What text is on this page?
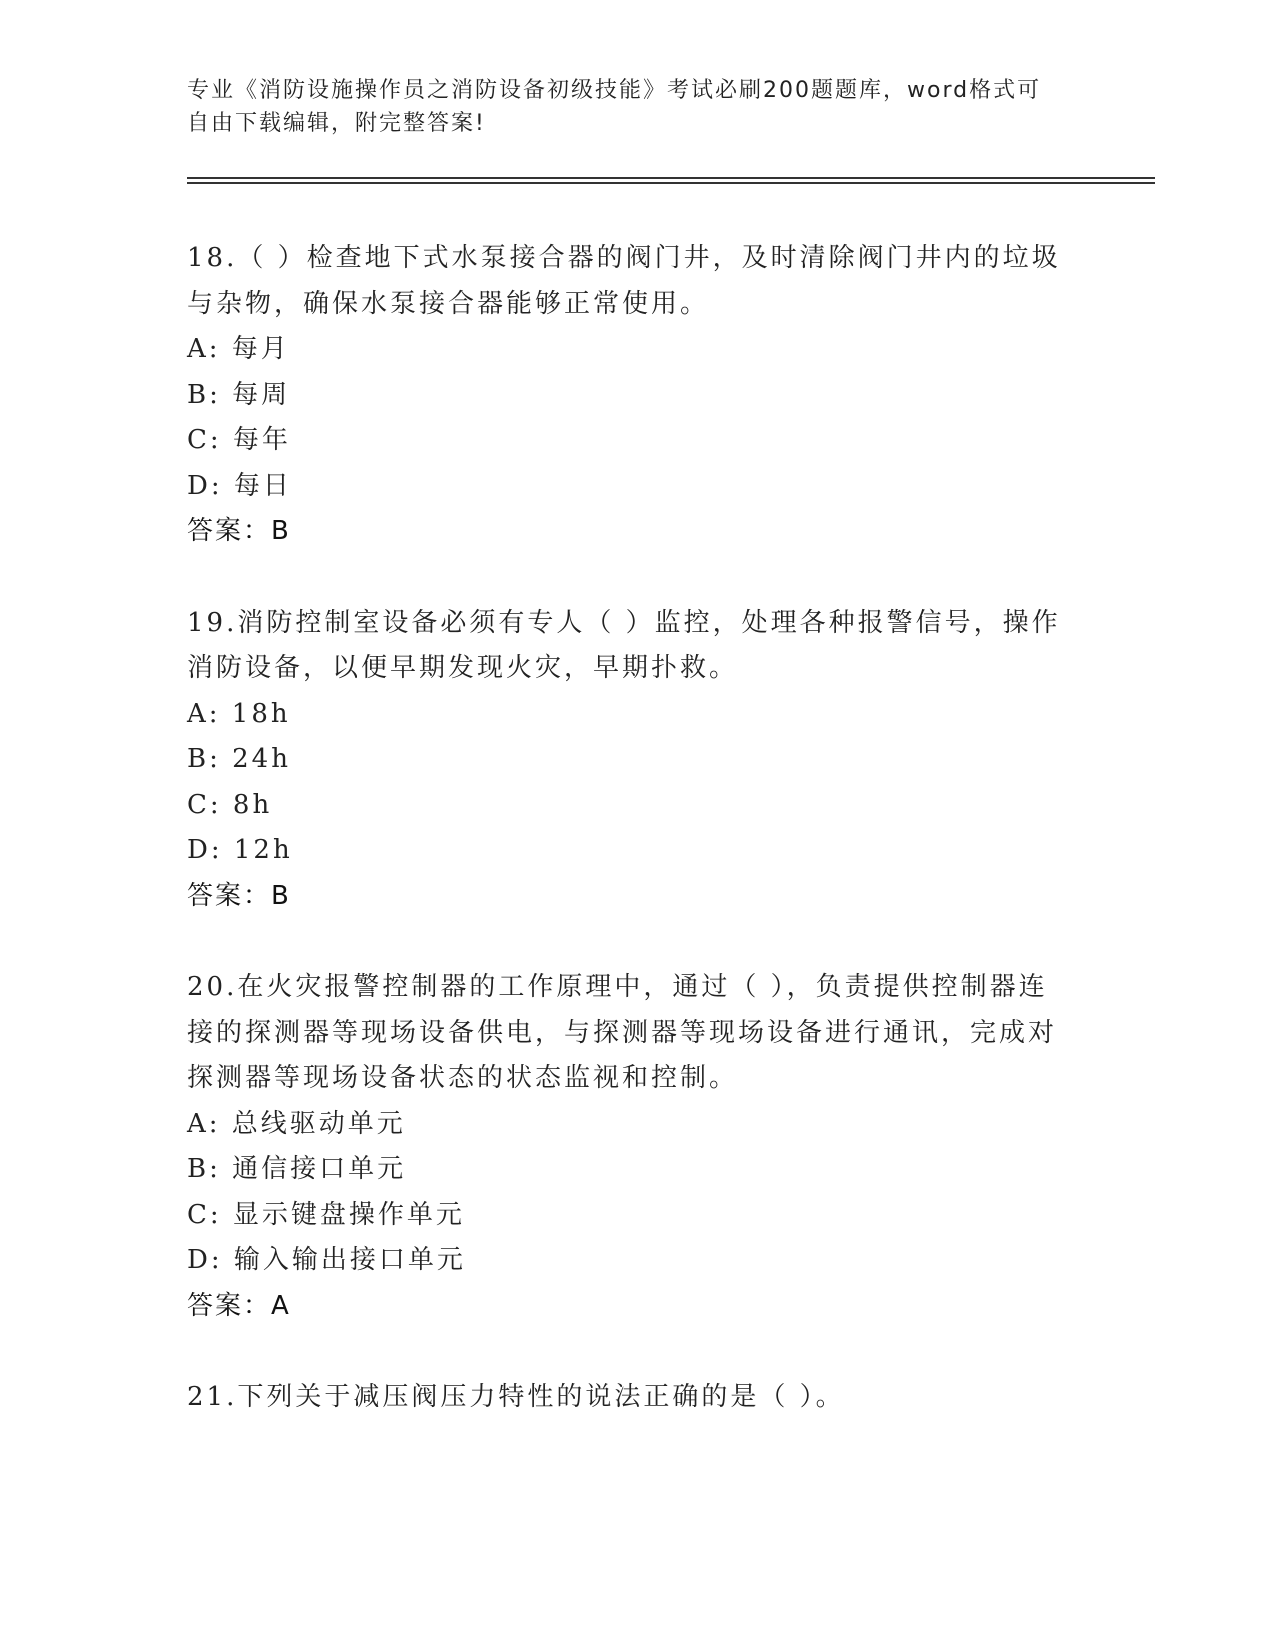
专业《消防设施操作员之消防设备初级技能》考试必刷200题题库，word格式可
自由下载编辑，附完整答案!
18.（ ）检查地下式水泵接合器的阀门井，及时清除阀门井内的垃圾
与杂物，确保水泵接合器能够正常使用。
A: 每月
B: 每周
C: 每年
D: 每日
答案：B
19.消防控制室设备必须有专人（ ）监控，处理各种报警信号，操作
消防设备，以便早期发现火灾，早期扑救。
A: 18h
B: 24h
C: 8h
D: 12h
答案：B
20.在火灾报警控制器的工作原理中，通过（ ），负责提供控制器连
接的探测器等现场设备供电，与探测器等现场设备进行通讯，完成对
探测器等现场设备状态的状态监视和控制。
A: 总线驱动单元
B: 通信接口单元
C: 显示键盘操作单元
D: 输入输出接口单元
答案：A
21.下列关于减压阀压力特性的说法正确的是（ ）。
